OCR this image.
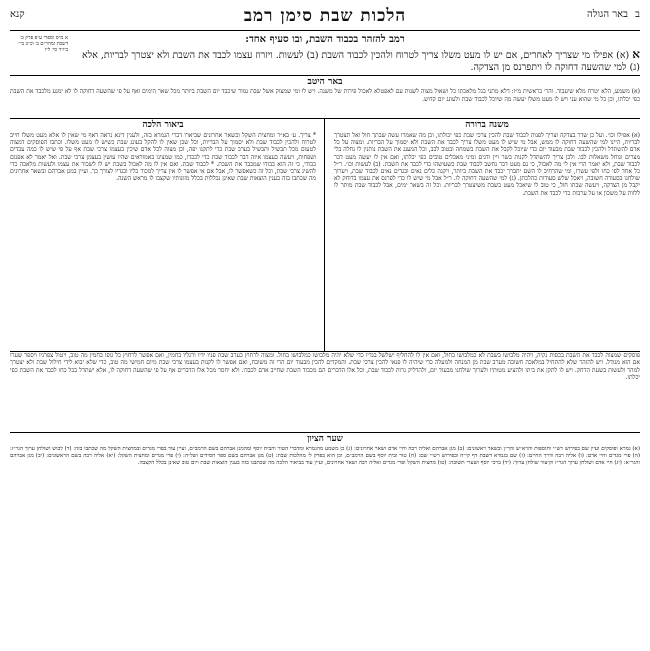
ב באר הגולה
הלכות שבת סימן רמב
קנא
א מ״ס וספרי ע״פ פרק ב׳ דשבת ומהר״ם ב׳ וכ״כ ב״י ביו״ד סי׳ ל״ו
רמב להזהר בכבוד השבת, ובו סעיף אחד:
א (א) אפילו מי שצריך לאחרים, אם יש לו מעט משלו צריך לטרוח ולהכין לכבוד השבת (ב) לעשות. ויזרוז עצמו לכבד את השבת ולא יצטרך לבריות, אלא (ג) למי שהשעה דחוקה לו ויתפרנס מן הצדקה.
באר היטב
(א) משמע, הלא יטרח מלא שיעבוד. והר׳ בראשית מ״ו: דלא מתני בגל מלאכתו כל ושאול מצוה לשנות עם לאפטלא לאכול פירות של משנה. ויש לו ומי שמצוק אשל שבת גמור שיכבד יום השבת ביותר מכל שאר הימים ואף על פי שהשעה דחוקה לו לא ימנע מלכבד את השבת כפי יכלתו, וכן כל מי שהוא עני ויש לו מעט משלו יעשה מה שיוכל לכבוד שבת ולעונג יום קדוש.
משנה ברורה
(א) אפילו וכו׳. ועל כן שדר בצדקה וצריך לפנות לכבוד שבת להכין צרכי שבת כפי יכולתו, וכן מה שאמרו עשה שבתך חול ואל תצטרך לבריות, היינו למי שהשעה דחוקה לו ממש, אבל מי שיש לו מעט משלו צריך לכבד את השבת ולא יסמוך על הבריות. ומצוה על כל אדם להשתדל ולהכין לכבוד שבת מבעוד יום כדי שיוכל לקבל את השבת בשמחה ובטוב לבב, וכל המענג את השבת נותנין לו נחלה בלי מצרים ונוחל משאלות לבו. ולכן צריך להשתדל לקנות בשר ויין ודגים ומיני מאכלים טובים כפי יכלתו, ואם אין לו יעשה מעט דבר לכבוד שבת, ולא יאמר הרי אין לי מה לאכול, כי גם מעט דבר נחשב לכבוד שבת כשעושהו כדי לכבד את השבת. (ב) לעשות וכו׳. ר״ל כל אחד לפי כחו ולפי עשרו, ומי שהרחיב לו השם יתברך יכבד את השבת ביותר, ויקנה כלים נאים ובגדים נאים לכבוד שבת, ויערוך שולחנו בסעודה חשובה, ויאכל שלש סעודות כהלכתן. (ג) למי שהשעה דחוקה לו. ר״ל אבל מי שיש לו כדי לפרנס את עצמו בדוחק לא יקבל מן הצדקה, ויעשה שבתו חול, כי טוב לו שיאכל מעט בשבת משיצטרך לבריות. וכל זה בשאר ימים, אבל לכבוד שבת מותר לו ללוות על משכון או על ערבות כדי לכבד את השבת.
ביאור הלכה
* צריך. ע׳ בא״ר ומחצית השקל ובשאר אחרונים שביארו דברי הגמרא בזה, ולענין דינא נראה דאף מי שאין לו אלא מעט משלו חייב לטרוח ולהכין לכבוד שבת ולא יסמוך על הבריות, וכל שכן שאין לו להקל בעונג שבת כשיש לו מעט משלו. וכתבו הפוסקים דמצוה לטעום מכל תבשיל ותבשיל בערב שבת כדי לתקנו יפה, וכן מצוה לכל אדם שיכין בעצמו צרכי שבת אף על פי שיש לו כמה עבדים ושפחות, ויעשה בעצמו איזה דבר לכבוד שבת כדי לכבדו, כמו שמצינו באמוראים שהיו עושין בעצמן צרכי שבת. ואל יאמר לא אפגום כבודי, כי זה הוא כבודו שמכבד את השבת. * לכבוד שבת. ואם אין לו מה לאכול בשבת יש לו לשכור את עצמו ולעשות מלאכה כדי להשיג צרכי שבת, וכל זה כשאפשר לו, אבל אם אי אפשר לו אין צריך למכור כליו ובגדיו לצורך כך. ועיין במגן אברהם ובשאר אחרונים מה שכתבו בזה בענין הוצאות שבת שאינן נכללות בכלל מזונותיו שקצבו לו מראש השנה.
פוסקים שמצוה לכבד את השבת בכסות נקיה, ויהיה מלבושו בשבת לא כמלבושו בחול, ואם אין לו להחליף ישלשל בגדיו כדי שלא יהיה מלבושו כמלבושו בחול. ומצוה לרחוץ בערב שבת פניו ידיו ורגליו בחמין, ואם אפשר לרחוץ כל גופו בחמין מה טוב, ויטול צפרניו ויספר שערו אם הוא מגודל. ויש להזהר שלא להתחיל במלאכה חשובה מערב שבת מן המנחה ולמעלה כדי שיהיה לו פנאי להכין צרכי שבת. והמקדים להכין מבעוד יום הרי זה משובח, ואם אפשר לו לקנות בעצמו צרכי שבת מיום חמישי מה טוב, כדי שלא יבוא לידי חילול שבת ולא יצטרך למהר ולעשות בשעת הדחק. ויש לו לתקן את ביתו ולהציע מטותיו ולערוך שולחנו מבעוד יום, ולהדליק נרות לכבוד שבת, וכל אלו הדברים הם מכבוד השבת שחייב אדם לכבדו. ולא יחסר מכל אלו הדברים אף על פי שהשעה דחוקה לו, אלא ישתדל בכל כחו לכבד את השבת כפי יכלתו.
שער הציון
(א) גמרא ופוסקים ועיין שם בפירוש רש״י ותוספות והרא״ש והר״ן ובשאר ראשונים: (ב) מגן אברהם ואליה רבה וחיי אדם ושאר אחרונים: (ג) כן משמע מהגמרא ומדברי הטור והבית יוסף ומהמגן אברהם בשם הרמב״ם, ועיין עוד בפרי מגדים ובמחצית השקל מה שכתבו בזה: (ד) לבוש ושולחן ערוך הגר״ז: (ה) פרי מגדים וחיי אדם: (ו) אליה רבה ודרך החיים: (ז) שם בגמרא דשבת דף קי״ח ובפירוש רש״י שם: (ח) טור ובית יוסף בשם הרמב״ם, וכן הוא בפרק ל׳ מהלכות שבת: (ט) מגן אברהם בשם ספר חסידים ושל״ה: (י) פרי מגדים ומחצית השקל: (יא) אליה רבה בשם הראשונים: (יב) מגן אברהם והגר״א: (יג) חיי אדם ושולחן ערוך הגר״ז וקיצור שולחן ערוך: (יד) ברכי יוסף ושערי תשובה: (טו) מחצית השקל ופרי מגדים ואליה רבה ושאר אחרונים, ועיין עוד בביאור הלכה מה שכתבנו בזה בענין הוצאות שבת ויום טוב שאינן בכלל הקצבה.
